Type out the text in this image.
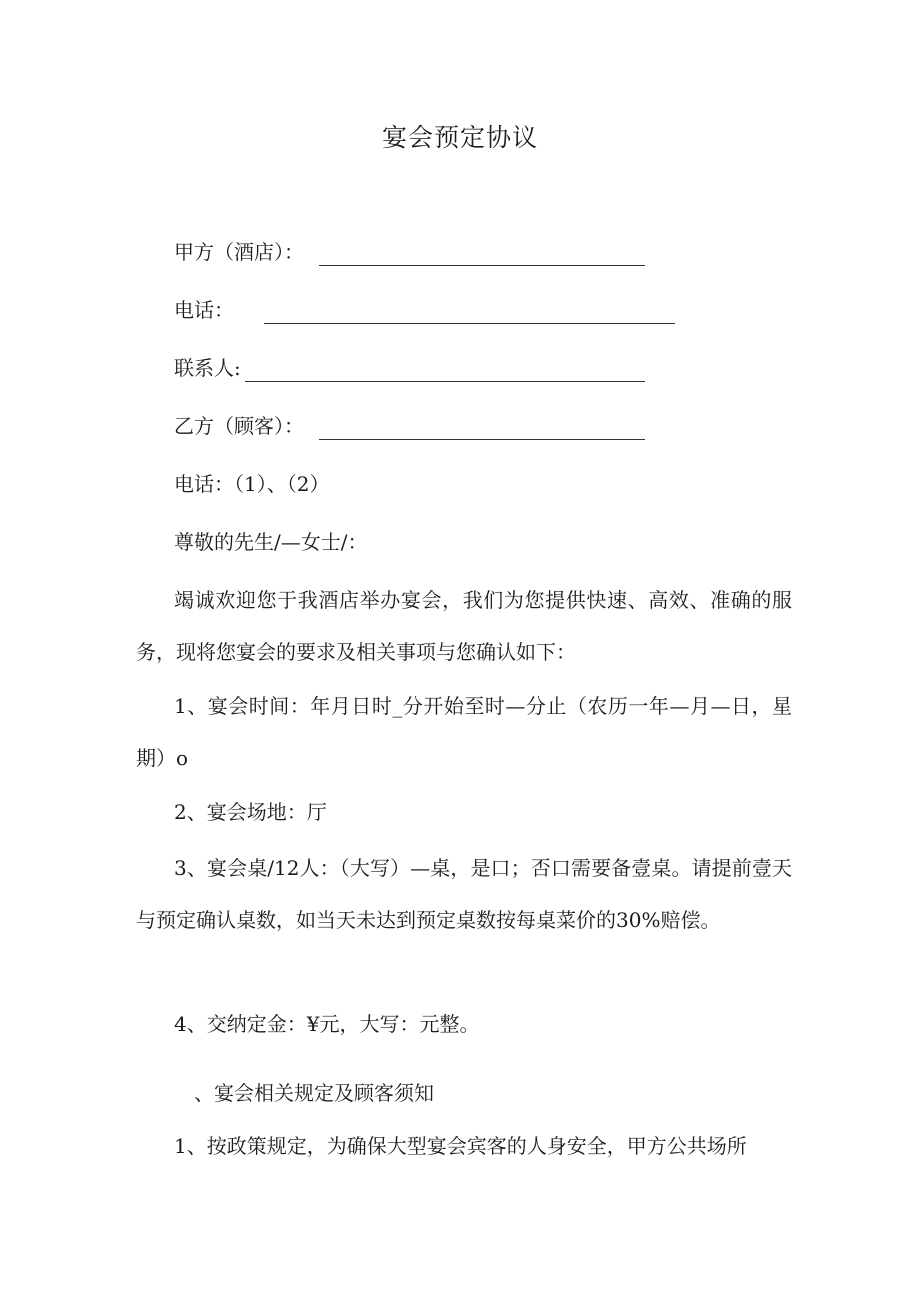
宴会预定协议
甲方（酒店）：
电话：
联系人:
乙方（顾客）：
电话：（1）、（2）
尊敬的先生/—女士/：
竭诚欢迎您于我酒店举办宴会，我们为您提供快速、高效、准确的服务，现将您宴会的要求及相关事项与您确认如下：
1、宴会时间：年月日时_分开始至时—分止（农历一年—月—日，星期）o
2、宴会场地：厅
3、宴会桌/12人：（大写）—桌，是口；否口需要备壹桌。请提前壹天与预定确认桌数，如当天未达到预定桌数按每桌菜价的30%赔偿。
4、交纳定金：¥元，大写：元整。
、宴会相关规定及顾客须知
1、按政策规定，为确保大型宴会宾客的人身安全，甲方公共场所
